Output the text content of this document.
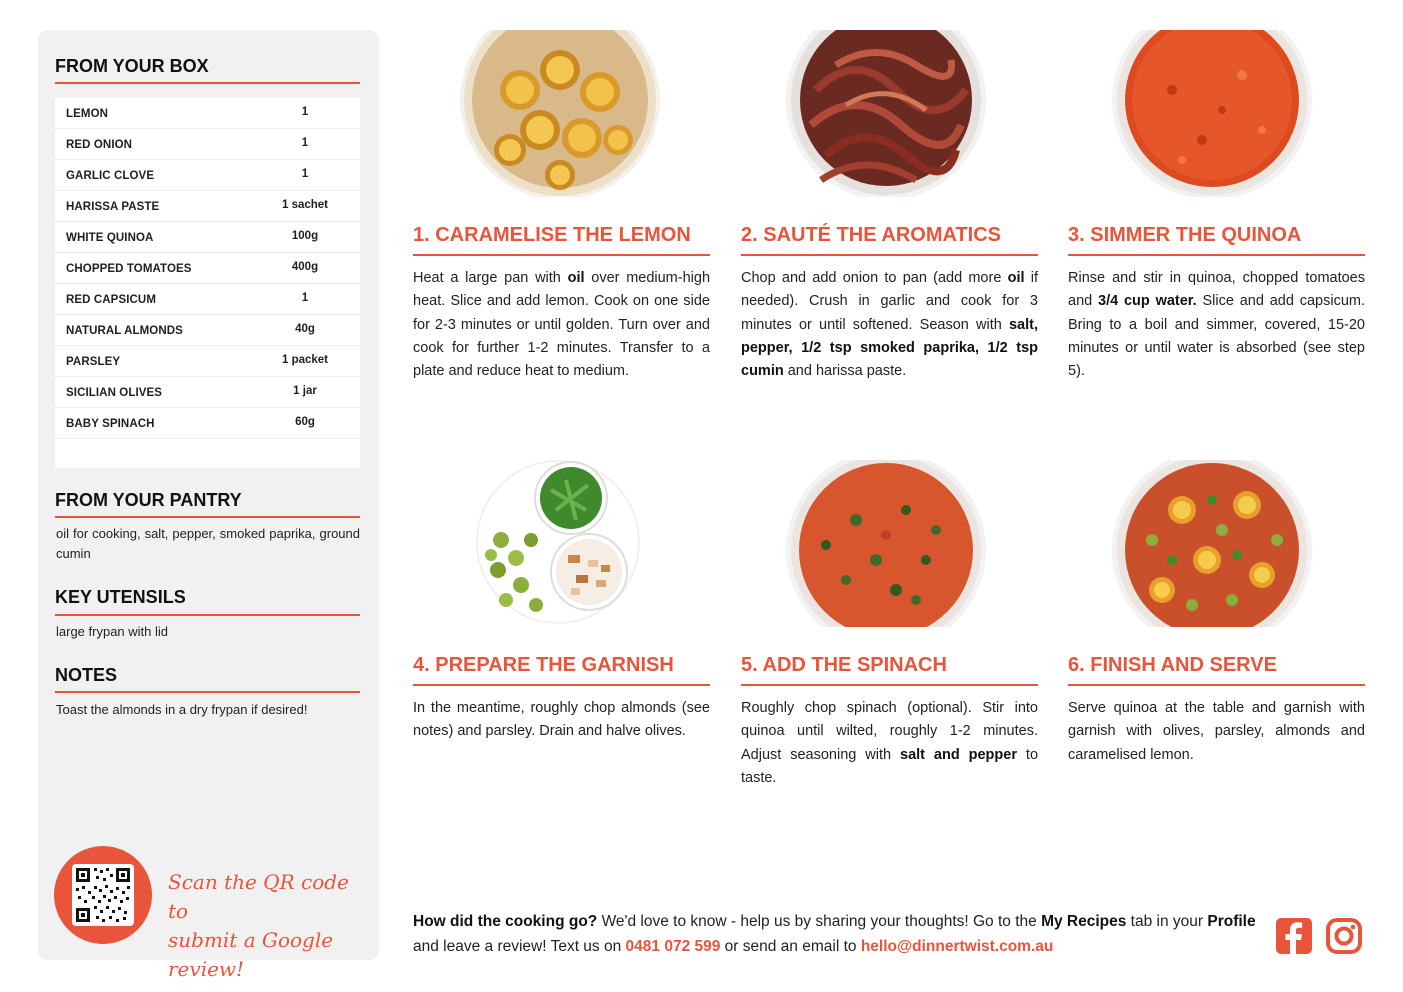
FROM YOUR BOX
LEMON	1
RED ONION	1
GARLIC CLOVE	1
HARISSA PASTE	1 sachet
WHITE QUINOA	100g
CHOPPED TOMATOES	400g
RED CAPSICUM	1
NATURAL ALMONDS	40g
PARSLEY	1 packet
SICILIAN OLIVES	1 jar
BABY SPINACH	60g
FROM YOUR PANTRY
oil for cooking, salt, pepper, smoked paprika, ground cumin
KEY UTENSILS
large frypan with lid
NOTES
Toast the almonds in a dry frypan if desired!
Scan the QR code to
submit a Google review!
1. CARAMELISE THE LEMON	2. SAUTÉ THE AROMATICS	3. SIMMER THE QUINOA
4. PREPARE THE GARNISH	5. ADD THE SPINACH	6. FINISH AND SERVE
Heat a large pan with oil over medium-high heat. Slice and add lemon. Cook on one side for 2-3 minutes or until golden. Turn over and cook for further 1-2 minutes. Transfer to a plate and reduce heat to medium.
Chop and add onion to pan (add more oil if needed). Crush in garlic and cook for 3 minutes or until softened. Season with salt, pepper, 1/2 tsp smoked paprika, 1/2 tsp cumin and harissa paste.
Rinse and stir in quinoa, chopped tomatoes and 3/4 cup water. Slice and add capsicum. Bring to a boil and simmer, covered, 15-20 minutes or until water is absorbed (see step 5).
In the meantime, roughly chop almonds (see notes) and parsley. Drain and halve olives.
Roughly chop spinach (optional). Stir into quinoa until wilted, roughly 1-2 minutes. Adjust seasoning with salt and pepper to taste.
Serve quinoa at the table and garnish with garnish with olives, parsley, almonds and caramelised lemon.
How did the cooking go? We'd love to know - help us by sharing your thoughts! Go to the My Recipes tab in your Profile and leave a review! Text us on 0481 072 599 or send an email to hello@dinnertwist.com.au
